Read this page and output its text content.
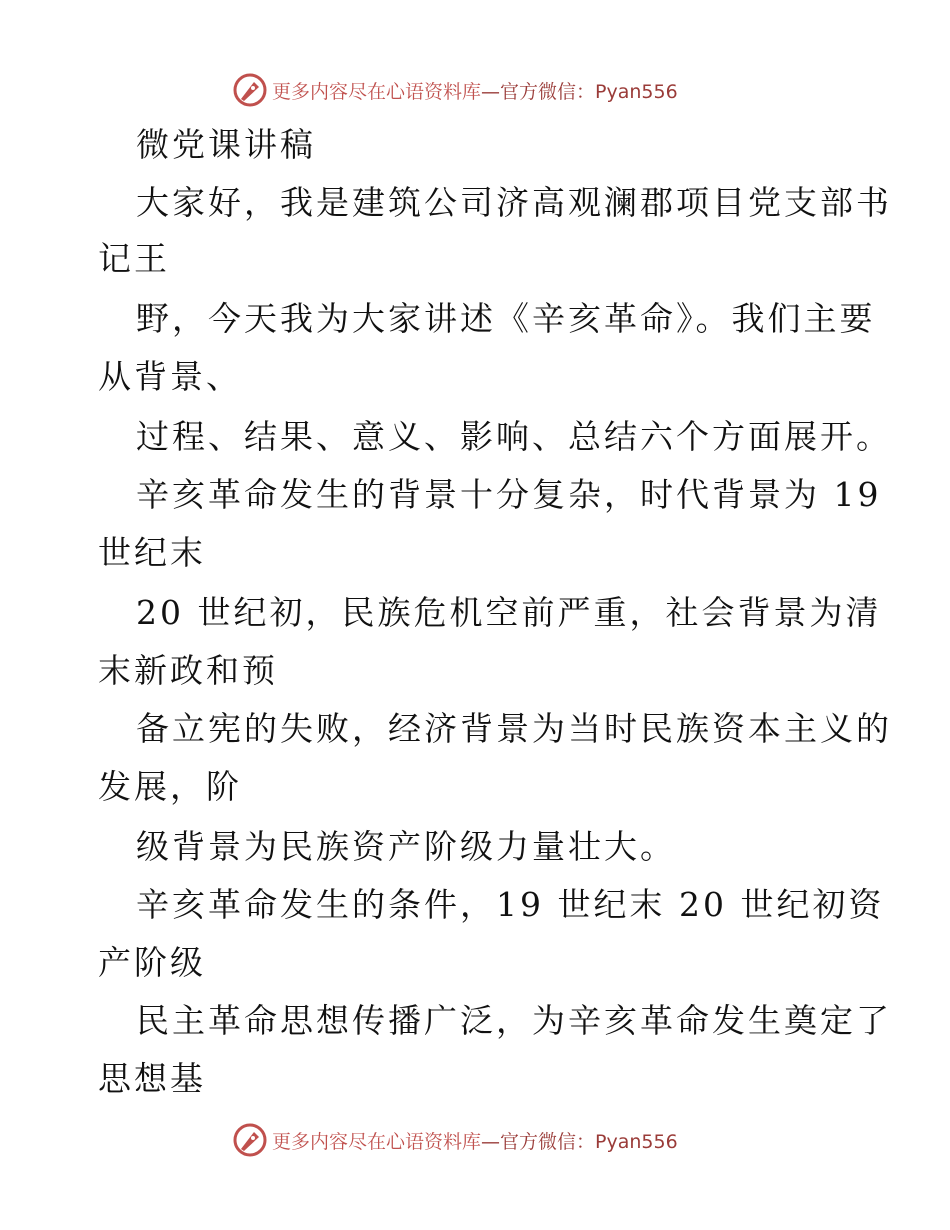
更多内容尽在心语资料库 —官方微信：Pyan556
微党课讲稿
大家好，我是建筑公司济高观澜郡项目党支部书
记王
野，今天我为大家讲述《辛亥革命》。我们主要
从背景、
过程、结果、意义、影响、总结六个方面展开。
辛亥革命发生的背景十分复杂，时代背景为 19
世纪末
20 世纪初，民族危机空前严重，社会背景为清
末新政和预
备立宪的失败，经济背景为当时民族资本主义的
发展，阶
级背景为民族资产阶级力量壮大。
辛亥革命发生的条件，19 世纪末 20 世纪初资
产阶级
民主革命思想传播广泛，为辛亥革命发生奠定了
思想基
更多内容尽在心语资料库 —官方微信：Pyan556
